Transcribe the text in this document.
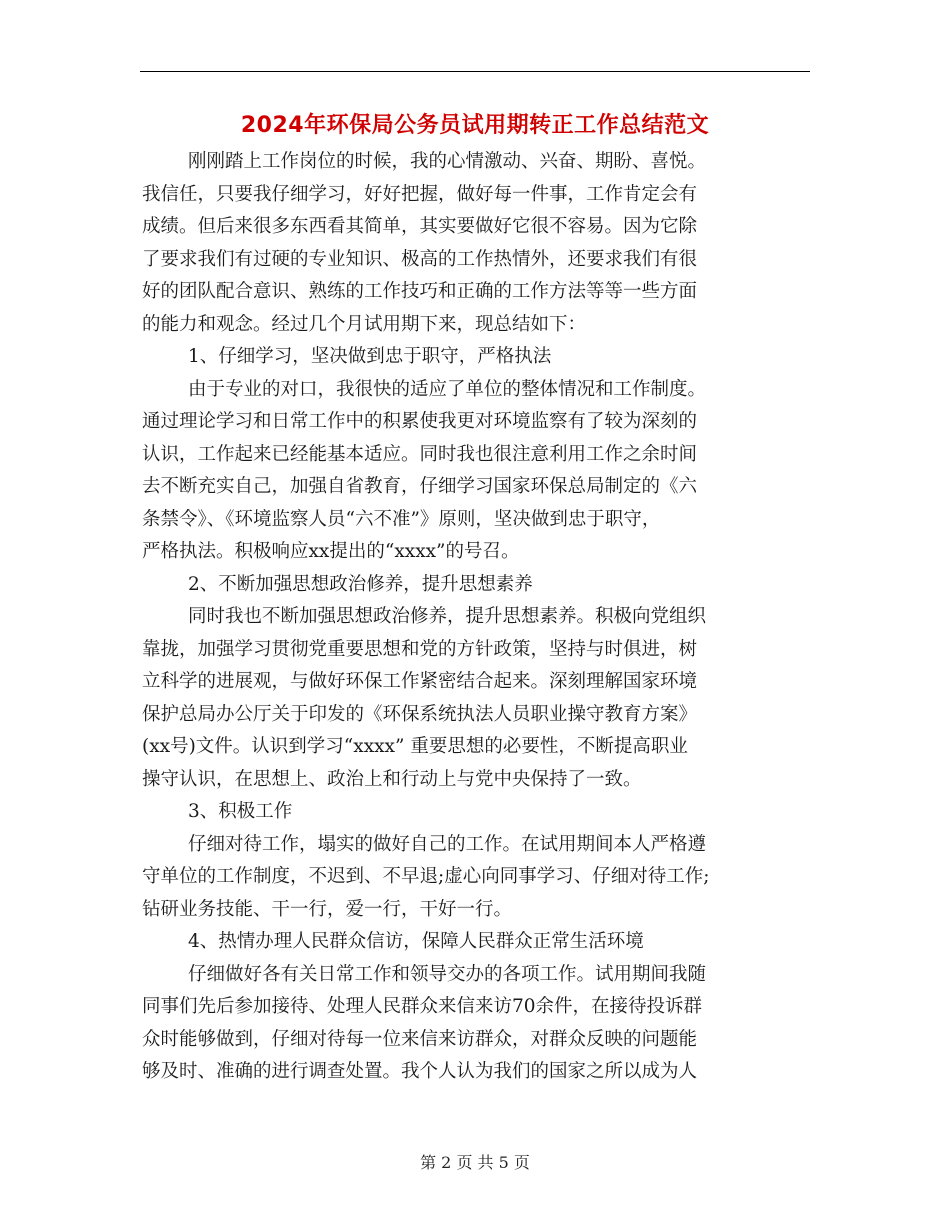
2024年环保局公务员试用期转正工作总结范文
刚刚踏上工作岗位的时候，我的心情激动、兴奋、期盼、喜悦。
我信任，只要我仔细学习，好好把握，做好每一件事，工作肯定会有
成绩。但后来很多东西看其简单，其实要做好它很不容易。因为它除
了要求我们有过硬的专业知识、极高的工作热情外，还要求我们有很
好的团队配合意识、熟练的工作技巧和正确的工作方法等等一些方面
的能力和观念。经过几个月试用期下来，现总结如下：
1、仔细学习，坚决做到忠于职守，严格执法
由于专业的对口，我很快的适应了单位的整体情况和工作制度。
通过理论学习和日常工作中的积累使我更对环境监察有了较为深刻的
认识，工作起来已经能基本适应。同时我也很注意利用工作之余时间
去不断充实自己，加强自省教育，仔细学习国家环保总局制定的《六
条禁令》、《环境监察人员“六不准”》原则，坚决做到忠于职守，
严格执法。积极响应xx提出的“xxxx”的号召。
2、不断加强思想政治修养，提升思想素养
同时我也不断加强思想政治修养，提升思想素养。积极向党组织
靠拢，加强学习贯彻党重要思想和党的方针政策，坚持与时俱进，树
立科学的进展观，与做好环保工作紧密结合起来。深刻理解国家环境
保护总局办公厅关于印发的《环保系统执法人员职业操守教育方案》
(xx号)文件。认识到学习“xxxx” 重要思想的必要性，不断提高职业
操守认识，在思想上、政治上和行动上与党中央保持了一致。
3、积极工作
仔细对待工作，塌实的做好自己的工作。在试用期间本人严格遵
守单位的工作制度，不迟到、不早退;虚心向同事学习、仔细对待工作;
钻研业务技能、干一行，爱一行，干好一行。
4、热情办理人民群众信访，保障人民群众正常生活环境
仔细做好各有关日常工作和领导交办的各项工作。试用期间我随
同事们先后参加接待、处理人民群众来信来访70余件，在接待投诉群
众时能够做到，仔细对待每一位来信来访群众，对群众反映的问题能
够及时、准确的进行调查处置。我个人认为我们的国家之所以成为人
第 2 页 共 5 页
